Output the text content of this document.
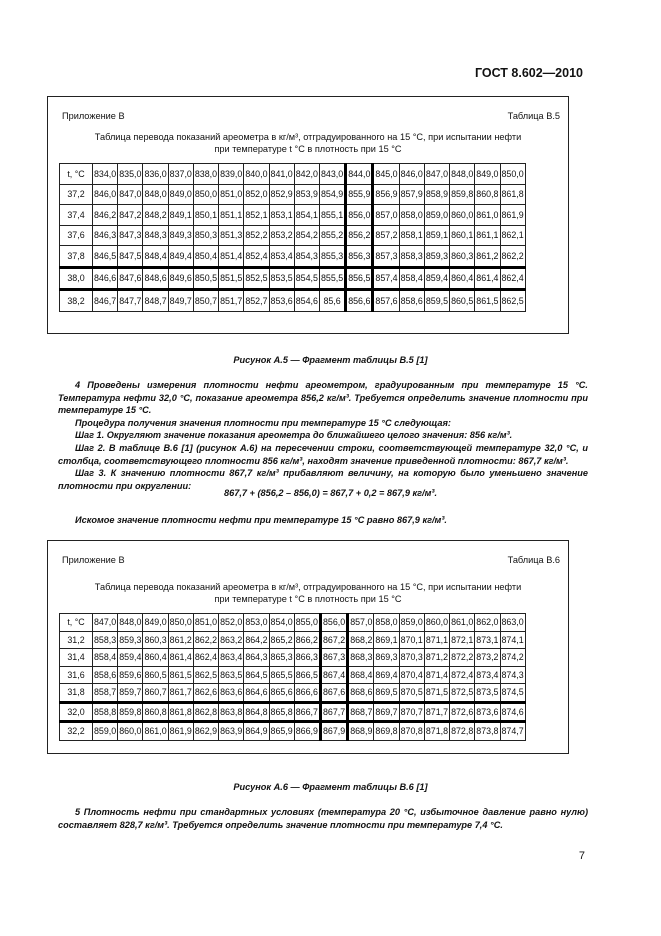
ГОСТ 8.602—2010
Приложение В	Таблица В.5
Таблица перевода показаний ареометра в кг/м³, отградуированного на 15 °С, при испытании нефти
при температуре t °С в плотность при 15 °С
t, °С	834,0	835,0	836,0	837,0	838,0	839,0	840,0	841,0	842,0	843,0	844,0	845,0	846,0	847,0	848,0	849,0	850,0
37,2	846,0	847,0	848,0	849,0	850,0	851,0	852,0	852,9	853,9	854,9	855,9	856,9	857,9	858,9	859,8	860,8	861,8
37,4	846,2	847,2	848,2	849,1	850,1	851,1	852,1	853,1	854,1	855,1	856,0	857,0	858,0	859,0	860,0	861,0	861,9
37,6	846,3	847,3	848,3	849,3	850,3	851,3	852,2	853,2	854,2	855,2	856,2	857,2	858,1	859,1	860,1	861,1	862,1
37,8	846,5	847,5	848,4	849,4	850,4	851,4	852,4	853,4	854,3	855,3	856,3	857,3	858,3	859,3	860,3	861,2	862,2
38,0	846,6	847,6	848,6	849,6	850,5	851,5	852,5	853,5	854,5	855,5	856,5	857,4	858,4	859,4	860,4	861,4	862,4
38,2	846,7	847,7	848,7	849,7	850,7	851,7	852,7	853,6	854,6	85,6	856,6	857,6	858,6	859,5	860,5	861,5	862,5
Рисунок А.5 — Фрагмент таблицы В.5 [1]

4 Проведены измерения плотности нефти ареометром, градуированным при температуре 15 °С. Температура нефти 32,0 °С, показание ареометра 856,2 кг/м³. Требуется определить значение плотности при температуре 15 °С.

Процедура получения значения плотности при температуре 15 °С следующая:

Шаг 1. Округляют значение показания ареометра до ближайшего целого значения: 856 кг/м³.

Шаг 2. В таблице В.6 [1] (рисунок А.6) на пересечении строки, соответствующей температуре 32,0 °С, и столбца, соответствующего плотности 856 кг/м³, находят значение приведенной плотности: 867,7 кг/м³.

Шаг 3. К значению плотности 867,7 кг/м³ прибавляют величину, на которую было уменьшено значение плотности при округлении:

867,7 + (856,2 – 856,0) = 867,7 + 0,2 = 867,9 кг/м³.

Искомое значение плотности нефти при температуре 15 °С равно 867,9 кг/м³.

Приложение В	Таблица В.6
Таблица перевода показаний ареометра в кг/м³, отградуированного на 15 °С, при испытании нефти
при температуре t °С в плотность при 15 °С
t, °С	847,0	848,0	849,0	850,0	851,0	852,0	853,0	854,0	855,0	856,0	857,0	858,0	859,0	860,0	861,0	862,0	863,0
31,2	858,3	859,3	860,3	861,2	862,2	863,2	864,2	865,2	866,2	867,2	868,2	869,1	870,1	871,1	872,1	873,1	874,1
31,4	858,4	859,4	860,4	861,4	862,4	863,4	864,3	865,3	866,3	867,3	868,3	869,3	870,3	871,2	872,2	873,2	874,2
31,6	858,6	859,6	860,5	861,5	862,5	863,5	864,5	865,5	866,5	867,4	868,4	869,4	870,4	871,4	872,4	873,4	874,3
31,8	858,7	859,7	860,7	861,7	862,6	863,6	864,6	865,6	866,6	867,6	868,6	869,5	870,5	871,5	872,5	873,5	874,5
32,0	858,8	859,8	860,8	861,8	862,8	863,8	864,8	865,8	866,7	867,7	868,7	869,7	870,7	871,7	872,6	873,6	874,6
32,2	859,0	860,0	861,0	861,9	862,9	863,9	864,9	865,9	866,9	867,9	868,9	869,8	870,8	871,8	872,8	873,8	874,7
Рисунок А.6 — Фрагмент таблицы В.6 [1]

5 Плотность нефти при стандартных условиях (температура 20 °С, избыточное давление равно нулю) составляет 828,7 кг/м³. Требуется определить значение плотности при температуре 7,4 °С.

7
